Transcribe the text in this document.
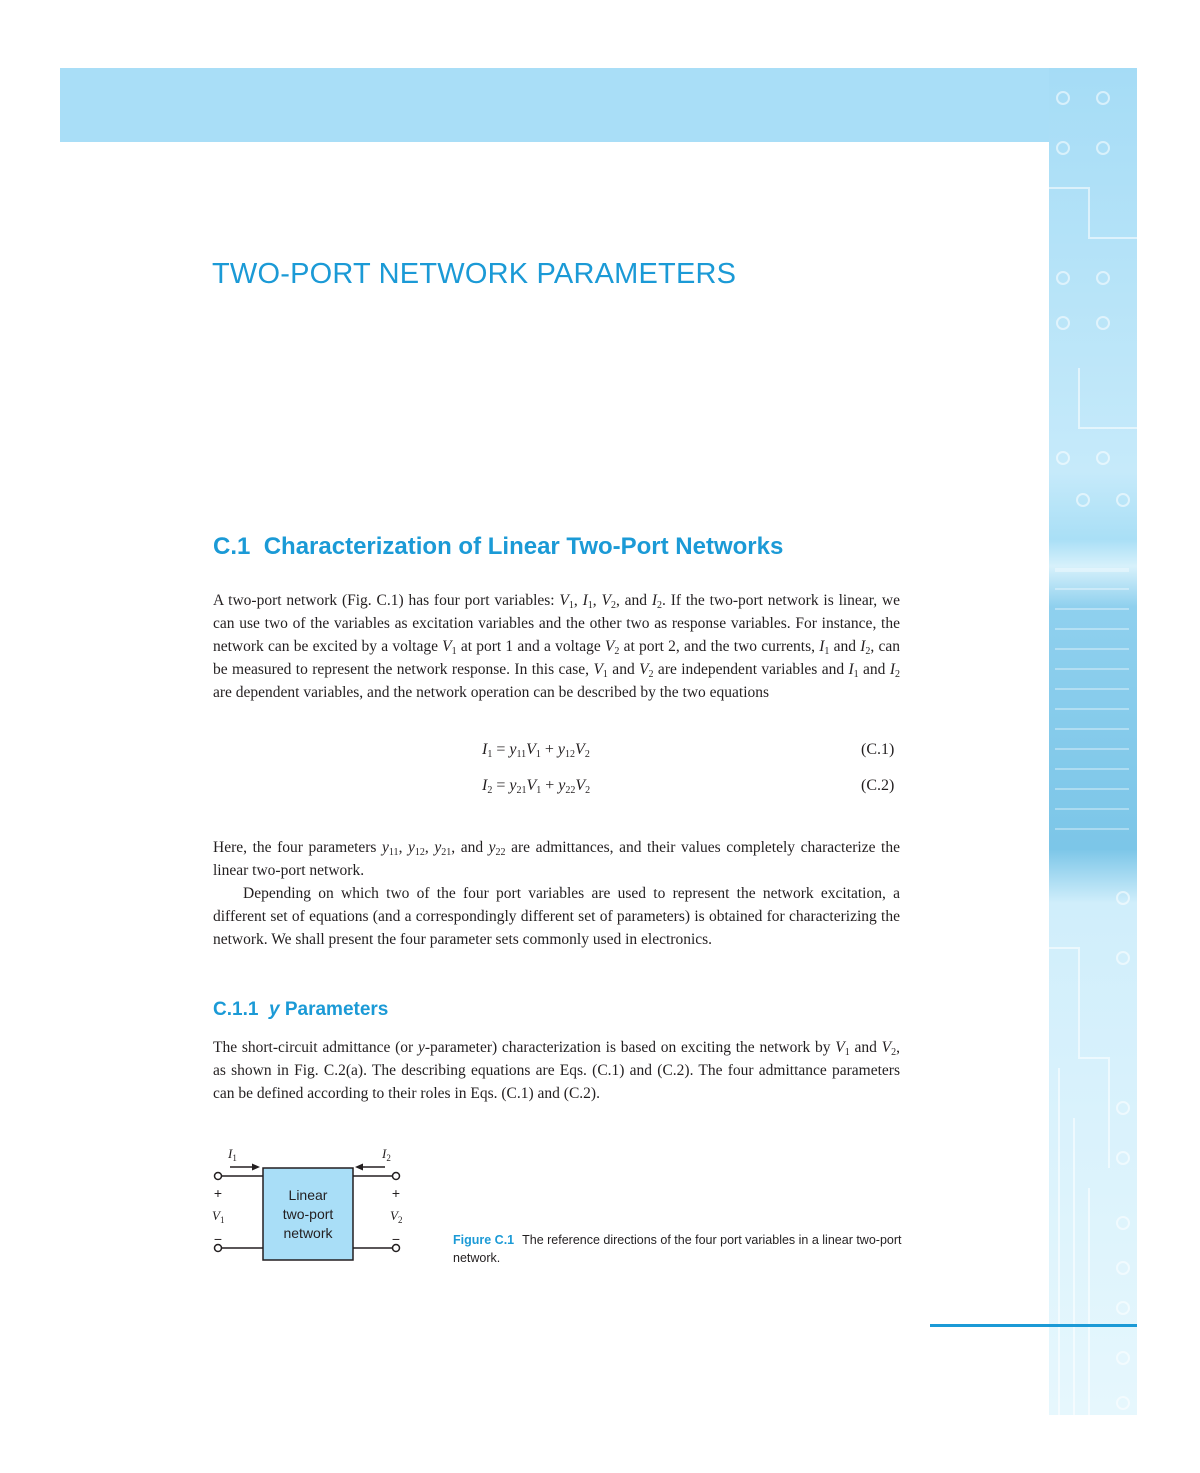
TWO-PORT NETWORK PARAMETERS
C.1 Characterization of Linear Two-Port Networks

A two-port network (Fig. C.1) has four port variables: $V_1$, $I_1$, $V_2$, and $I_2$. If the two-port network is linear, we can use two of the variables as excitation variables and the other two as response variables. For instance, the network can be excited by a voltage $V_1$ at port 1 and a voltage $V_2$ at port 2, and the two currents, $I_1$ and $I_2$, can be measured to represent the network response. In this case, $V_1$ and $V_2$ are independent variables and $I_1$ and $I_2$ are dependent variables, and the network operation can be described by the two equations

$I_1 = y_{11}V_1 + y_{12}V_2$	(C.1)
$I_2 = y_{21}V_1 + y_{22}V_2$	(C.2)

Here, the four parameters $y_{11}$, $y_{12}$, $y_{21}$, and $y_{22}$ are admittances, and their values completely characterize the linear two-port network.
Depending on which two of the four port variables are used to represent the network excitation, a different set of equations (and a correspondingly different set of parameters) is obtained for characterizing the network. We shall present the four parameter sets commonly used in electronics.

C.1.1 y Parameters

The short-circuit admittance (or y-parameter) characterization is based on exciting the network by $V_1$ and $V_2$, as shown in Fig. C.2(a). The describing equations are Eqs. (C.1) and (C.2). The four admittance parameters can be defined according to their roles in Eqs. (C.1) and (C.2).

Linear
two-port
network
$I_1$	$I_2$
+	+
$V_1$	$V_2$
−	−	Figure C.1 The reference directions of the four port variables in a linear two-port network.
